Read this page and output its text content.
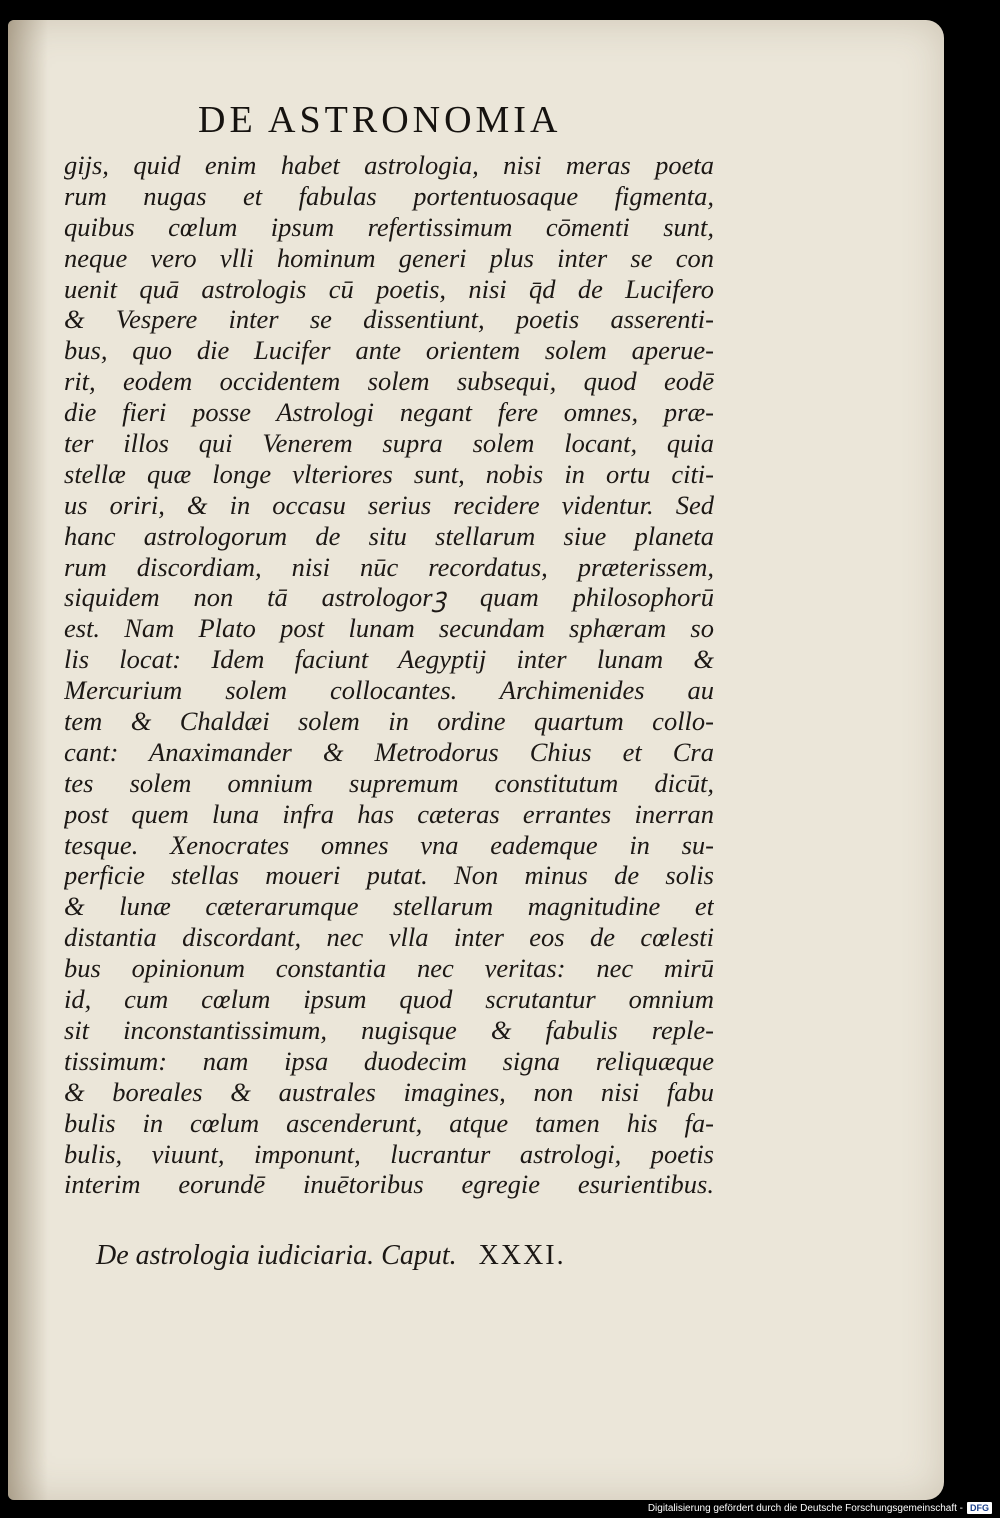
DE ASTRONOMIA
gijs, quid enim habet astrologia, nisi meras poeta
rum nugas et fabulas portentuosaque figmenta,
quibus cœlum ipsum refertissimum cōmenti sunt,
neque vero vlli hominum generi plus inter se con
uenit quā astrologis cū poetis, nisi q̄d de Lucifero
& Vespere inter se dissentiunt, poetis asserenti-
bus, quo die Lucifer ante orientem solem aperue-
rit, eodem occidentem solem subsequi, quod eodē
die fieri posse Astrologi negant fere omnes, præ-
ter illos qui Venerem supra solem locant, quia
stellæ quæ longe vlteriores sunt, nobis in ortu citi-
us oriri, & in occasu serius recidere videntur. Sed
hanc astrologorum de situ stellarum siue planeta
rum discordiam, nisi nūc recordatus, præterissem,
siquidem non tā astrologorꝫ quam philosophorū
est. Nam Plato post lunam secundam sphæram so
lis locat: Idem faciunt Aegyptij inter lunam &
Mercurium solem collocantes. Archimenides au
tem & Chaldæi solem in ordine quartum collo-
cant: Anaximander & Metrodorus Chius et Cra
tes solem omnium supremum constitutum dicūt,
post quem luna infra has cæteras errantes inerran
tesque. Xenocrates omnes vna eademque in su-
perficie stellas moueri putat. Non minus de solis
& lunæ cæterarumque stellarum magnitudine et
distantia discordant, nec vlla inter eos de cœlesti
bus opinionum constantia nec veritas: nec mirū
id, cum cœlum ipsum quod scrutantur omnium
sit inconstantissimum, nugisque & fabulis reple-
tissimum: nam ipsa duodecim signa reliquæque
& boreales & australes imagines, non nisi fabu
bulis in cœlum ascenderunt, atque tamen his fa-
bulis, viuunt, imponunt, lucrantur astrologi, poetis
interim eorundē inuētoribus egregie esurientibus.
De astrologia iudiciaria. Caput. XXXI.
Digitalisierung gefördert durch die Deutsche Forschungsgemeinschaft - DFG
